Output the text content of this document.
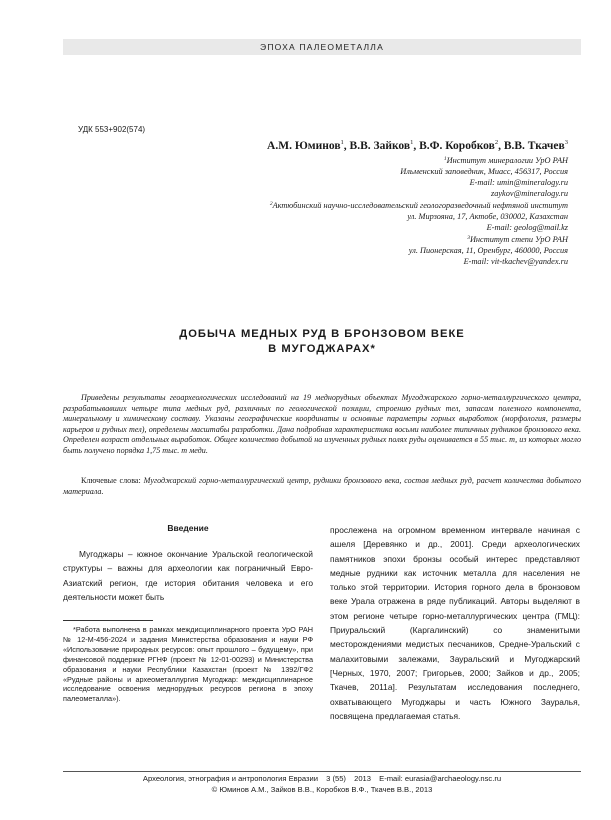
ЭПОХА ПАЛЕОМЕТАЛЛА
УДК 553+902(574)
А.М. Юминов$^1$, В.В. Зайков$^1$, В.Ф. Коробков$^2$, В.В. Ткачев$^3$
$^1$Институт минералогии УрО РАН
Ильменский заповедник, Миасс, 456317, Россия
E-mail: umin@mineralogy.ru
zaykov@mineralogy.ru
$^2$Актюбинский научно-исследовательский геологоразведочный нефтяной институт
ул. Мирзояна, 17, Актобе, 030002, Казахстан
E-mail: geolog@mail.kz
$^3$Институт степи УрО РАН
ул. Пионерская, 11, Оренбург, 460000, Россия
E-mail: vit-tkachev@yandex.ru
ДОБЫЧА МЕДНЫХ РУД В БРОНЗОВОМ ВЕКЕ
В МУГОДЖАРАХ*
Приведены результаты геоархеологических исследований на 19 меднорудных объектах Мугоджарского горно-металлургического центра, разрабатывавших четыре типа медных руд, различных по геологической позиции, строению рудных тел, запасам полезного компонента, минеральному и химическому составу. Указаны географические координаты и основные параметры горных выработок (морфология, размеры карьеров и рудных тел), определены масштабы разработки. Дана подробная характеристика восьми наиболее типичных рудников бронзового века. Определен возраст отдельных выработок. Общее количество добытой на изученных рудных полях руды оценивается в 55 тыс. т, из которых могло быть получено порядка 1,75 тыс. т меди.
Ключевые слова: Мугоджарский горно-металлургический центр, рудники бронзового века, состав медных руд, расчет количества добытого материала.
Введение
Мугоджары – южное окончание Уральской геологической структуры – важны для археологии как пограничный Евро-Азиатский регион, где история обитания человека и его деятельности может быть
*Работа выполнена в рамках междисциплинарного проекта УрО РАН № 12-М-456-2024 и задания Министерства образования и науки РФ «Использование природных ресурсов: опыт прошлого – будущему», при финансовой поддержке РГНФ (проект № 12-01-00293) и Министерства образования и науки Республики Казахстан (проект № 1392/ГФ2 «Рудные районы и археометаллургия Мугоджар: междисциплинарное исследование освоения меднорудных ресурсов региона в эпоху палеометалла»).
прослежена на огромном временном интервале начиная с ашеля [Деревянко и др., 2001]. Среди археологических памятников эпохи бронзы особый интерес представляют медные рудники как источник металла для населения не только этой территории. История горного дела в бронзовом веке Урала отражена в ряде публикаций. Авторы выделяют в этом регионе четыре горно-металлургических центра (ГМЦ): Приуральский (Каргалинский) со знаменитыми месторождениями медистых песчаников, Средне-Уральский с малахитовыми залежами, Зауральский и Мугоджарский [Черных, 1970, 2007; Григорьев, 2000; Зайков и др., 2005; Ткачев, 2011а]. Результатам исследования последнего, охватывающего Мугоджары и часть Южного Зауралья, посвящена предлагаемая статья.
Археология, этнография и антропология Евразии 3 (55) 2013 E-mail: eurasia@archaeology.nsc.ru
© Юминов А.М., Зайков В.В., Коробков В.Ф., Ткачев В.В., 2013
